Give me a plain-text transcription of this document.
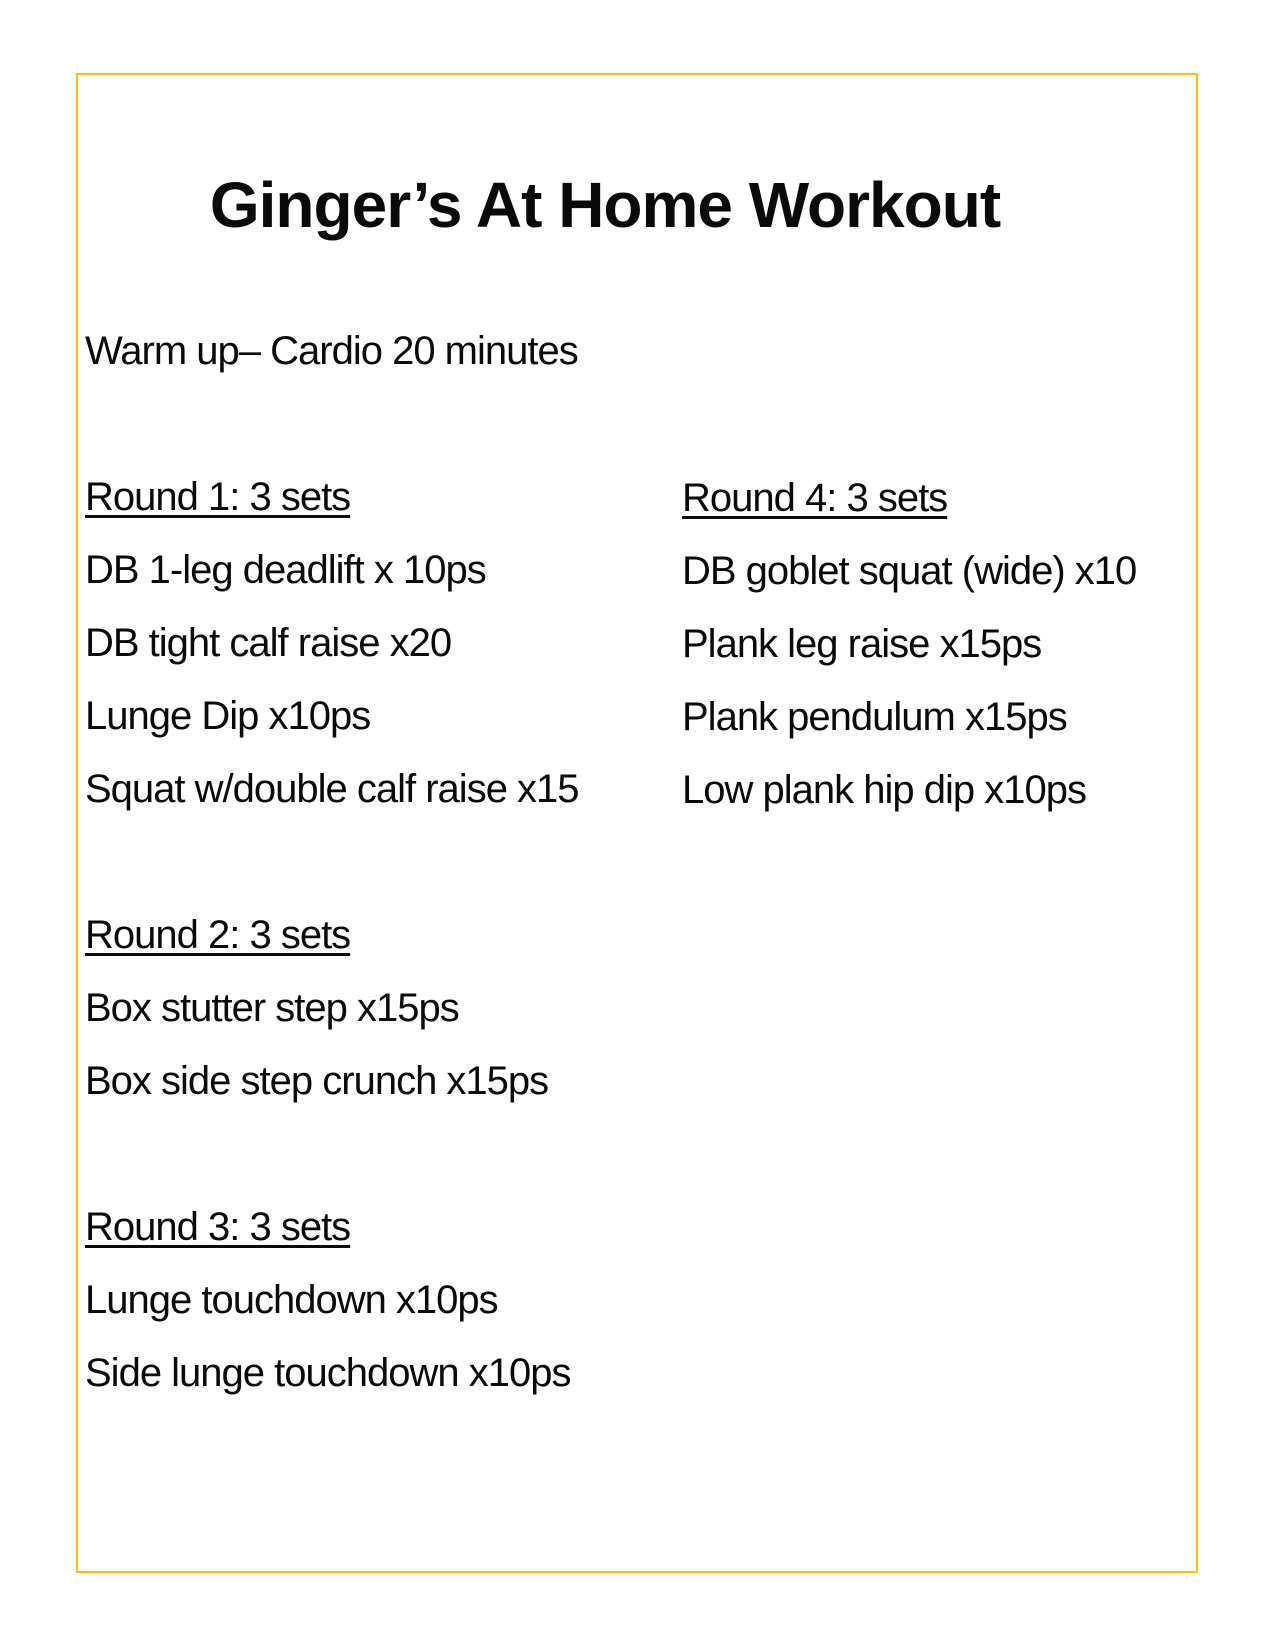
Ginger’s At Home Workout
Warm up– Cardio 20 minutes
Round 1: 3 sets
DB 1-leg deadlift x 10ps
DB tight calf raise x20
Lunge Dip x10ps
Squat w/double calf raise x15
Round 2: 3 sets
Box stutter step x15ps
Box side step crunch x15ps
Round 3: 3 sets
Lunge touchdown x10ps
Side lunge touchdown x10ps
Round 4: 3 sets
DB goblet squat (wide) x10
Plank leg raise x15ps
Plank pendulum x15ps
Low plank hip dip x10ps
